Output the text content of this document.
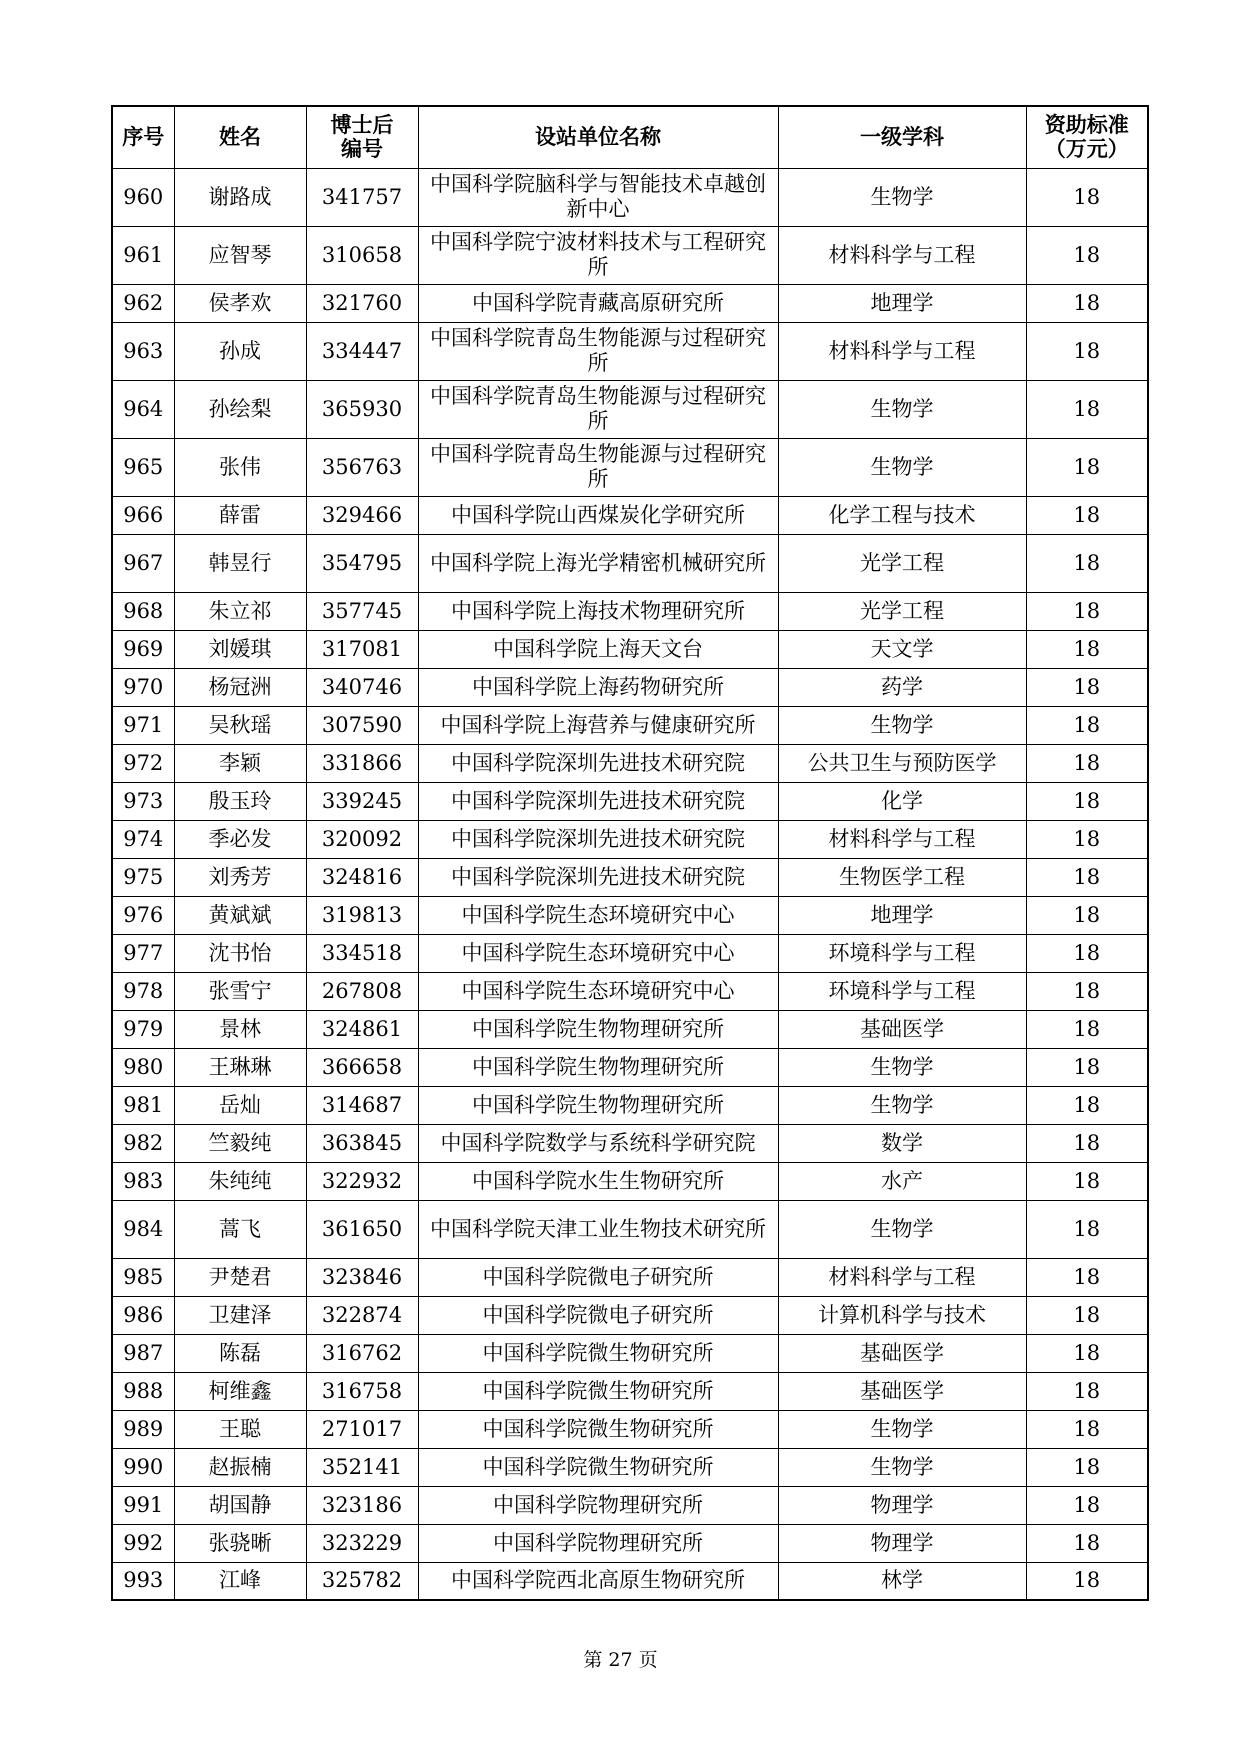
序号	姓名	博士后编号	设站单位名称	一级学科	资助标准（万元）
960	谢路成	341757	中国科学院脑科学与智能技术卓越创新中心	生物学	18
961	应智琴	310658	中国科学院宁波材料技术与工程研究所	材料科学与工程	18
962	侯孝欢	321760	中国科学院青藏高原研究所	地理学	18
963	孙成	334447	中国科学院青岛生物能源与过程研究所	材料科学与工程	18
964	孙绘梨	365930	中国科学院青岛生物能源与过程研究所	生物学	18
965	张伟	356763	中国科学院青岛生物能源与过程研究所	生物学	18
966	薛雷	329466	中国科学院山西煤炭化学研究所	化学工程与技术	18
967	韩昱行	354795	中国科学院上海光学精密机械研究所	光学工程	18
968	朱立祁	357745	中国科学院上海技术物理研究所	光学工程	18
969	刘媛琪	317081	中国科学院上海天文台	天文学	18
970	杨冠洲	340746	中国科学院上海药物研究所	药学	18
971	吴秋瑶	307590	中国科学院上海营养与健康研究所	生物学	18
972	李颖	331866	中国科学院深圳先进技术研究院	公共卫生与预防医学	18
973	殷玉玲	339245	中国科学院深圳先进技术研究院	化学	18
974	季必发	320092	中国科学院深圳先进技术研究院	材料科学与工程	18
975	刘秀芳	324816	中国科学院深圳先进技术研究院	生物医学工程	18
976	黄斌斌	319813	中国科学院生态环境研究中心	地理学	18
977	沈书怡	334518	中国科学院生态环境研究中心	环境科学与工程	18
978	张雪宁	267808	中国科学院生态环境研究中心	环境科学与工程	18
979	景林	324861	中国科学院生物物理研究所	基础医学	18
980	王琳琳	366658	中国科学院生物物理研究所	生物学	18
981	岳灿	314687	中国科学院生物物理研究所	生物学	18
982	竺毅纯	363845	中国科学院数学与系统科学研究院	数学	18
983	朱纯纯	322932	中国科学院水生生物研究所	水产	18
984	蒿飞	361650	中国科学院天津工业生物技术研究所	生物学	18
985	尹楚君	323846	中国科学院微电子研究所	材料科学与工程	18
986	卫建泽	322874	中国科学院微电子研究所	计算机科学与技术	18
987	陈磊	316762	中国科学院微生物研究所	基础医学	18
988	柯维鑫	316758	中国科学院微生物研究所	基础医学	18
989	王聪	271017	中国科学院微生物研究所	生物学	18
990	赵振楠	352141	中国科学院微生物研究所	生物学	18
991	胡国静	323186	中国科学院物理研究所	物理学	18
992	张骁晰	323229	中国科学院物理研究所	物理学	18
993	江峰	325782	中国科学院西北高原生物研究所	林学	18
第 27 页
